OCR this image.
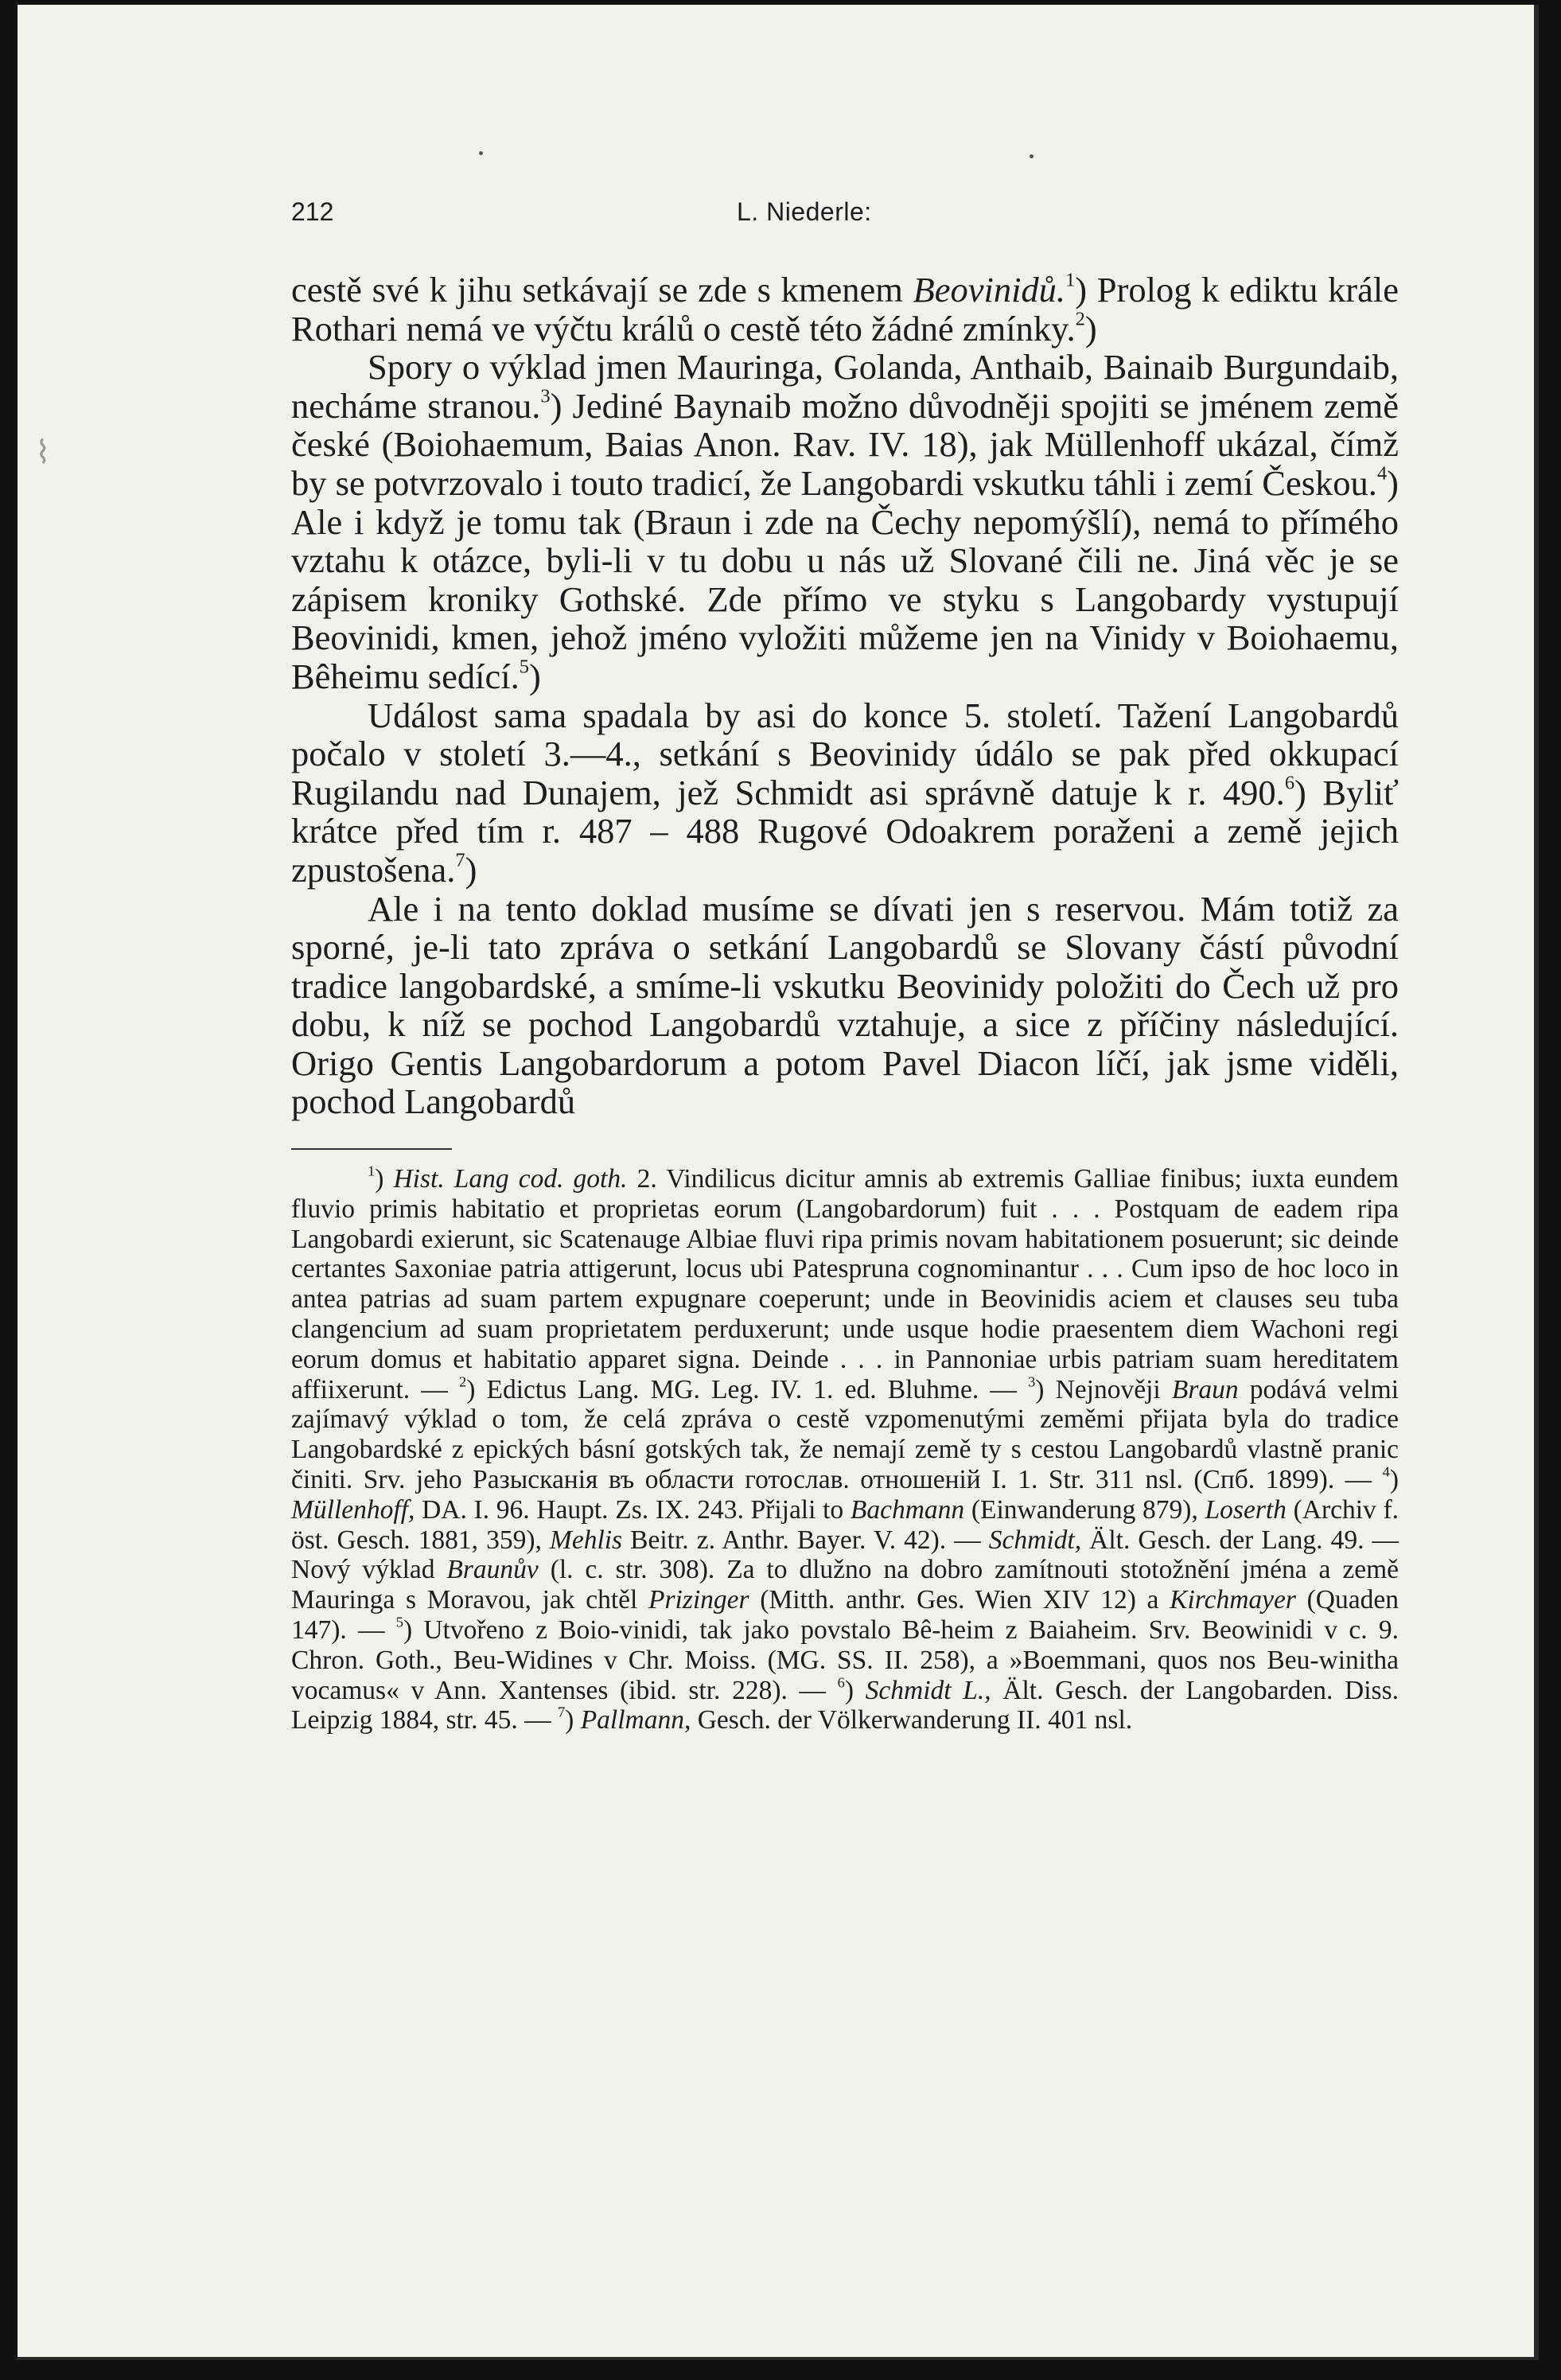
⌇
212	L. Niederle:

cestě své k jihu setkávají se zde s kmenem Beovinidů.$^1$) Prolog k ediktu krále Rothari nemá ve výčtu králů o cestě této žádné zmínky.$^2$)

Spory o výklad jmen Mauringa, Golanda, Anthaib, Bainaib Burgundaib, necháme stranou.$^3$) Jediné Baynaib možno důvodněji spojiti se jménem země české (Boiohaemum, Baias Anon. Rav. IV. 18), jak Müllenhoff ukázal, čímž by se potvrzovalo i touto tradicí, že Langobardi vskutku táhli i zemí Českou.$^4$) Ale i když je tomu tak (Braun i zde na Čechy nepomýšlí), nemá to přímého vztahu k otázce, byli-li v tu dobu u nás už Slované čili ne. Jiná věc je se zápisem kroniky Gothské. Zde přímo ve styku s Langobardy vystupují Beovinidi, kmen, jehož jméno vyložiti můžeme jen na Vinidy v Boiohaemu, Bêheimu sedící.$^5$)

Událost sama spadala by asi do konce 5. století. Tažení Langobardů počalo v století 3.—4., setkání s Beovinidy údálo se pak před okkupací Rugilandu nad Dunajem, jež Schmidt asi správně datuje k r. 490.$^6$) Byliť krátce před tím r. 487 – 488 Rugové Odoakrem poraženi a země jejich zpustošena.$^7$)

Ale i na tento doklad musíme se dívati jen s reservou. Mám totiž za sporné, je-li tato zpráva o setkání Langobardů se Slovany částí původní tradice langobardské, a smíme-li vskutku Beovinidy položiti do Čech už pro dobu, k níž se pochod Langobardů vztahuje, a sice z příčiny následující. Origo Gentis Langobardorum a potom Pavel Diacon líčí, jak jsme viděli, pochod Langobardů

$^1$) Hist. Lang cod. goth. 2. Vindilicus dicitur amnis ab extremis Galliae finibus; iuxta eundem fluvio primis habitatio et proprietas eorum (Langobardorum) fuit . . . Postquam de eadem ripa Langobardi exierunt, sic Scatenauge Albiae fluvi ripa primis novam habitationem posuerunt; sic deinde certantes Saxoniae patria attigerunt, locus ubi Patespruna cognominantur . . . Cum ipso de hoc loco in antea patrias ad suam partem expugnare coeperunt; unde in Beovinidis aciem et clauses seu tuba clangencium ad suam proprietatem perduxerunt; unde usque hodie praesentem diem Wachoni regi eorum domus et habitatio apparet signa. Deinde . . . in Pannoniae urbis patriam suam hereditatem affiixerunt. — $^2$) Edictus Lang. MG. Leg. IV. 1. ed. Bluhme. — $^3$) Nejnověji Braun podává velmi zajímavý výklad o tom, že celá zpráva o cestě vzpomenutými zeměmi přijata byla do tradice Langobardské z epických básní gotských tak, že nemají země ty s cestou Langobardů vlastně pranic činiti. Srv. jeho Разысканія въ области готослав. отношеній I. 1. Str. 311 nsl. (Спб. 1899). — $^4$) Müllenhoff, DA. I. 96. Haupt. Zs. IX. 243. Přijali to Bachmann (Einwanderung 879), Loserth (Archiv f. öst. Gesch. 1881, 359), Mehlis Beitr. z. Anthr. Bayer. V. 42). — Schmidt, Ält. Gesch. der Lang. 49. — Nový výklad Braunův (l. c. str. 308). Za to dlužno na dobro zamítnouti stotožnění jména a země Mauringa s Moravou, jak chtěl Prizinger (Mitth. anthr. Ges. Wien XIV 12) a Kirchmayer (Quaden 147). — $^5$) Utvořeno z Boio-vinidi, tak jako povstalo Bê-heim z Baiaheim. Srv. Beowinidi v c. 9. Chron. Goth., Beu-Widines v Chr. Moiss. (MG. SS. II. 258), a »Boemmani, quos nos Beu-winitha vocamus« v Ann. Xantenses (ibid. str. 228). — $^6$) Schmidt L., Ält. Gesch. der Langobarden. Diss. Leipzig 1884, str. 45. — $^7$) Pallmann, Gesch. der Völkerwanderung II. 401 nsl.
